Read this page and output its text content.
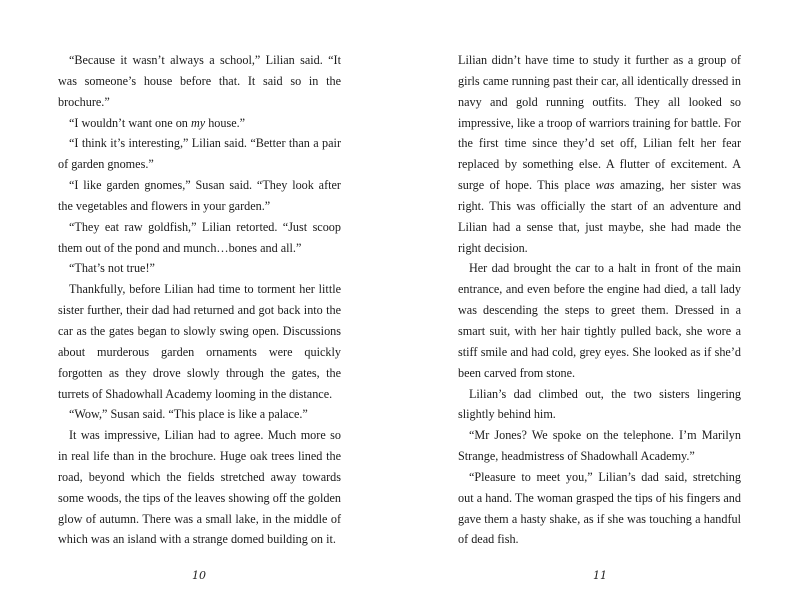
“Because it wasn’t always a school,” Lilian said. “It was someone’s house before that. It said so in the brochure.”

“I wouldn’t want one on my house.”

“I think it’s interesting,” Lilian said. “Better than a pair of garden gnomes.”

“I like garden gnomes,” Susan said. “They look after the vegetables and flowers in your garden.”

“They eat raw goldfish,” Lilian retorted. “Just scoop them out of the pond and munch…bones and all.”

“That’s not true!”

Thankfully, before Lilian had time to torment her little sister further, their dad had returned and got back into the car as the gates began to slowly swing open. Discussions about murderous garden ornaments were quickly forgotten as they drove slowly through the gates, the turrets of Shadowhall Academy looming in the distance.

“Wow,” Susan said. “This place is like a palace.”

It was impressive, Lilian had to agree. Much more so in real life than in the brochure. Huge oak trees lined the road, beyond which the fields stretched away towards some woods, the tips of the leaves showing off the golden glow of autumn. There was a small lake, in the middle of which was an island with a strange domed building on it.

Lilian didn’t have time to study it further as a group of girls came running past their car, all identically dressed in navy and gold running outfits. They all looked so impressive, like a troop of warriors training for battle. For the first time since they’d set off, Lilian felt her fear replaced by something else. A flutter of excitement. A surge of hope. This place was amazing, her sister was right. This was officially the start of an adventure and Lilian had a sense that, just maybe, she had made the right decision.

Her dad brought the car to a halt in front of the main entrance, and even before the engine had died, a tall lady was descending the steps to greet them. Dressed in a smart suit, with her hair tightly pulled back, she wore a stiff smile and had cold, grey eyes. She looked as if she’d been carved from stone.

Lilian’s dad climbed out, the two sisters lingering slightly behind him.

“Mr Jones? We spoke on the telephone. I’m Marilyn Strange, headmistress of Shadowhall Academy.”

“Pleasure to meet you,” Lilian’s dad said, stretching out a hand. The woman grasped the tips of his fingers and gave them a hasty shake, as if she was touching a handful of dead fish.

10	11
